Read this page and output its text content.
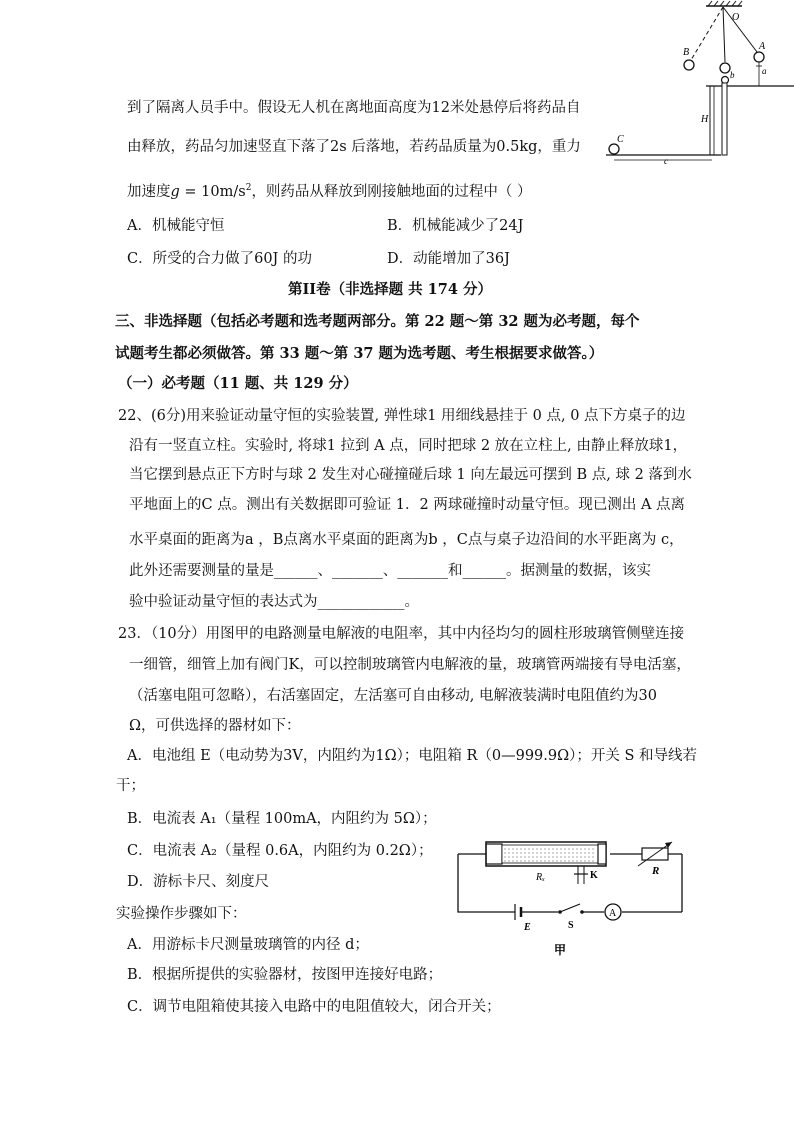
O
B
A
b	a
H
C
c
到了隔离人员手中。假设无人机在离地面高度为12米处悬停后将药品自
由释放，药品匀加速竖直下落了2s 后落地，若药品质量为0.5kg，重力
加速度$g = 10m/s^2$，则药品从释放到刚接触地面的过程中（ ）
A．机械能守恒	B．机械能减少了24J
C．所受的合力做了60J 的功	D．动能增加了36J
第II卷（非选择题 共 174 分）
三、非选择题（包括必考题和选考题两部分。第 22 题～第 32 题为必考题，每个
试题考生都必须做答。第 33 题～第 37 题为选考题、考生根据要求做答。）
（一）必考题（11 题、共 129 分）
22、(6分)用来验证动量守恒的实验装置, 弹性球1 用细线悬挂于 0 点, 0 点下方桌子的边
沿有一竖直立柱。实验时, 将球1 拉到 A 点，同时把球 2 放在立柱上, 由静止释放球1，
当它摆到悬点正下方时与球 2 发生对心碰撞碰后球 1 向左最远可摆到 B 点, 球 2 落到水
平地面上的C 点。测出有关数据即可验证 1．2 两球碰撞时动量守恒。现已测出 A 点离
水平桌面的距离为a ，B点离水平桌面的距离为b ，C点与桌子边沿间的水平距离为 c，
此外还需要测量的量是______、_______、_______和______。据测量的数据，该实
验中验证动量守恒的表达式为____________。
23．（10分）用图甲的电路测量电解液的电阻率，其中内径均匀的圆柱形玻璃管侧壁连接
一细管，细管上加有阀门K，可以控制玻璃管内电解液的量，玻璃管两端接有导电活塞，
（活塞电阻可忽略），右活塞固定，左活塞可自由移动, 电解液装满时电阻值约为30
Ω，可供选择的器材如下：
A．电池组 E（电动势为3V，内阻约为1Ω）；电阻箱 R（0—999.9Ω）；开关 S 和导线若
干；
B．电流表 A₁（量程 100mA，内阻约为 5Ω）；
C．电流表 A₂（量程 0.6A，内阻约为 0.2Ω）；
D．游标卡尺、刻度尺
实验操作步骤如下：
A．用游标卡尺测量玻璃管的内径 d；
B．根据所提供的实验器材，按图甲连接好电路；
C．调节电阻箱使其接入电路中的电阻值较大，闭合开关；
Rₓ	K	R
E	S
A
甲
